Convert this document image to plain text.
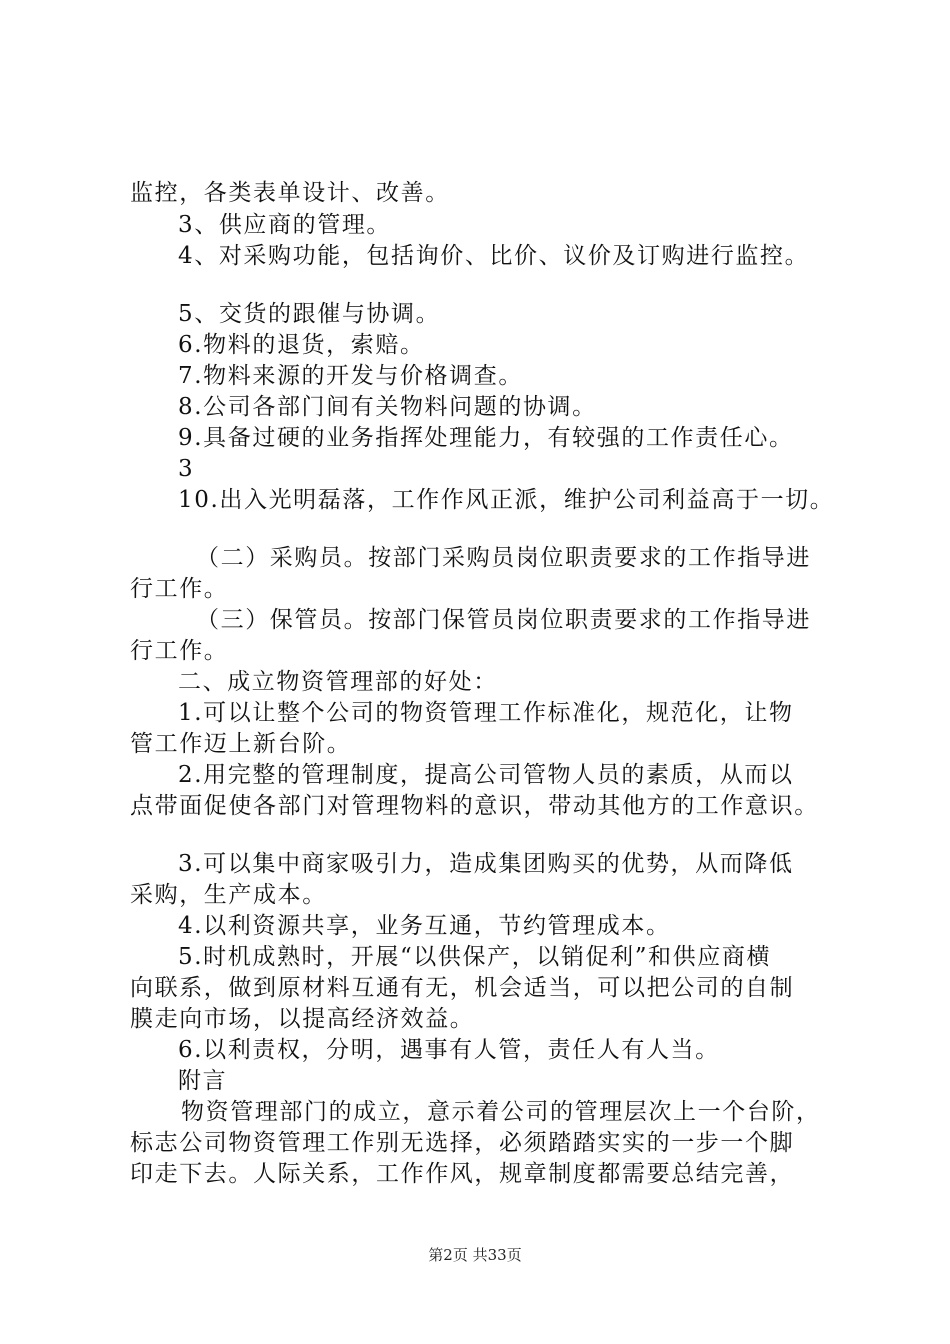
监控，各类表单设计、改善。
3、供应商的管理。
4、对采购功能，包括询价、比价、议价及订购进行监控。
5、交货的跟催与协调。
6.物料的退货，索赔。
7.物料来源的开发与价格调查。
8.公司各部门间有关物料问题的协调。
9.具备过硬的业务指挥处理能力，有较强的工作责任心。
3
10.出入光明磊落，工作作风正派，维护公司利益高于一切。
（二）采购员。按部门采购员岗位职责要求的工作指导进
行工作。
（三）保管员。按部门保管员岗位职责要求的工作指导进
行工作。
二、成立物资管理部的好处：
1.可以让整个公司的物资管理工作标准化，规范化，让物
管工作迈上新台阶。
2.用完整的管理制度，提高公司管物人员的素质，从而以
点带面促使各部门对管理物料的意识，带动其他方的工作意识。
3.可以集中商家吸引力，造成集团购买的优势，从而降低
采购，生产成本。
4.以利资源共享，业务互通，节约管理成本。
5.时机成熟时，开展“以供保产，以销促利”和供应商横
向联系，做到原材料互通有无，机会适当，可以把公司的自制
膜走向市场，以提高经济效益。
6.以利责权，分明，遇事有人管，责任人有人当。
附言
物资管理部门的成立，意示着公司的管理层次上一个台阶，
标志公司物资管理工作别无选择，必须踏踏实实的一步一个脚
印走下去。人际关系，工作作风，规章制度都需要总结完善，
第2页 共33页
